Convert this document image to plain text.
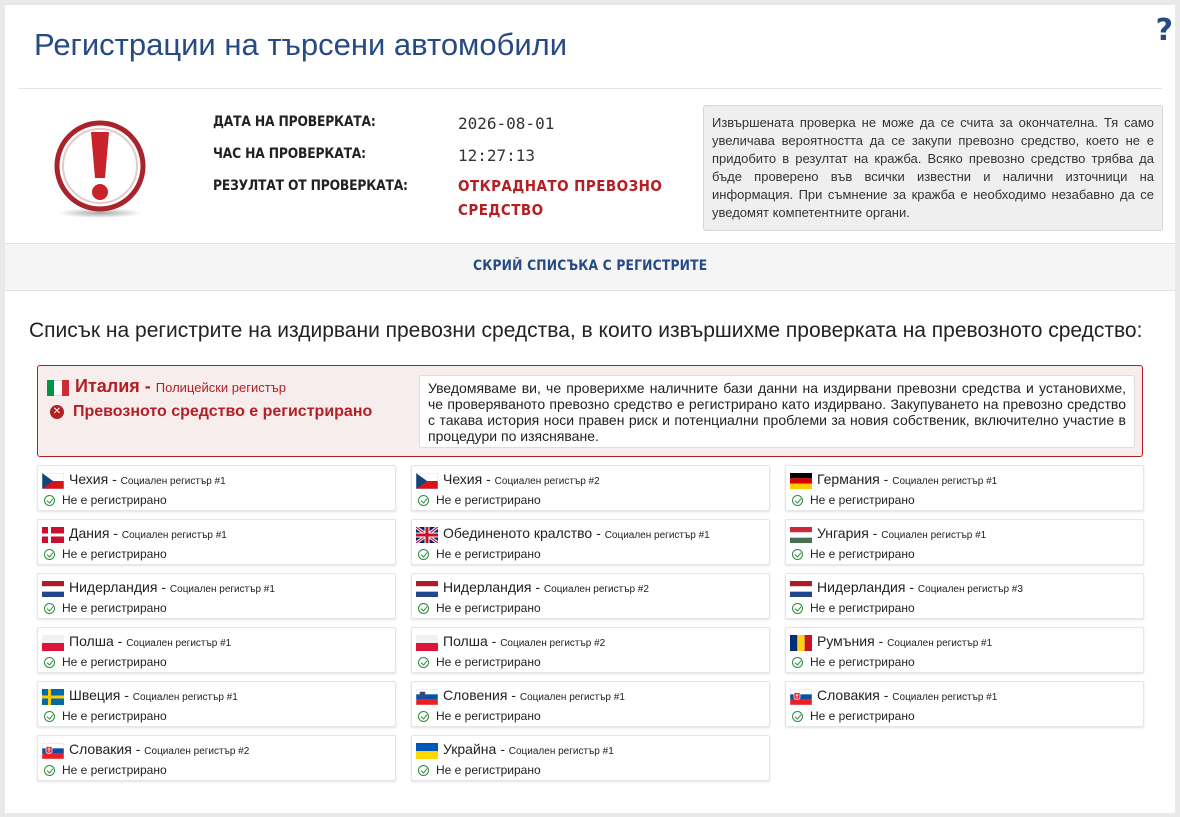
Регистрации на търсени автомобили	?
ДАТА НА ПРОВЕРКАТА:	2026-08-01
ЧАС НА ПРОВЕРКАТА:	12:27:13
РЕЗУЛТАТ ОТ ПРОВЕРКАТА:	ОТКРАДНАТО ПРЕВОЗНО СРЕДСТВО
Извършената проверка не може да се счита за окончателна. Тя само увеличава вероятността да се закупи превозно средство, което не е придобито в резултат на кражба. Всяко превозно средство трябва да бъде проверено във всички известни и налични източници на информация. При съмнение за кражба е необходимо незабавно да се уведомят компетентните органи.
СКРИЙ СПИСЪКА С РЕГИСТРИТЕ
Списък на регистрите на издирвани превозни средства, в които извършихме проверката на превозното средство:
Италия - Полицейски регистър
✕ Превозното средство е регистрирано
Уведомяваме ви, че проверихме наличните бази данни на издирвани превозни средства и установихме, че проверяваното превозно средство е регистрирано като издирвано. Закупуването на превозно средство с такава история носи правен риск и потенциални проблеми за новия собственик, включително участие в процедури по изясняване.
Чехия - Социален регистър #1
Не е регистрирано
Чехия - Социален регистър #2
Не е регистрирано
Германия - Социален регистър #1
Не е регистрирано
Дания - Социален регистър #1
Не е регистрирано
Обединеното кралство - Социален регистър #1
Не е регистрирано
Унгария - Социален регистър #1
Не е регистрирано
Нидерландия - Социален регистър #1
Не е регистрирано
Нидерландия - Социален регистър #2
Не е регистрирано
Нидерландия - Социален регистър #3
Не е регистрирано
Полша - Социален регистър #1
Не е регистрирано
Полша - Социален регистър #2
Не е регистрирано
Румъния - Социален регистър #1
Не е регистрирано
Швеция - Социален регистър #1
Не е регистрирано
Словения - Социален регистър #1
Не е регистрирано
Словакия - Социален регистър #1
Не е регистрирано
Словакия - Социален регистър #2
Не е регистрирано
Украйна - Социален регистър #1
Не е регистрирано
